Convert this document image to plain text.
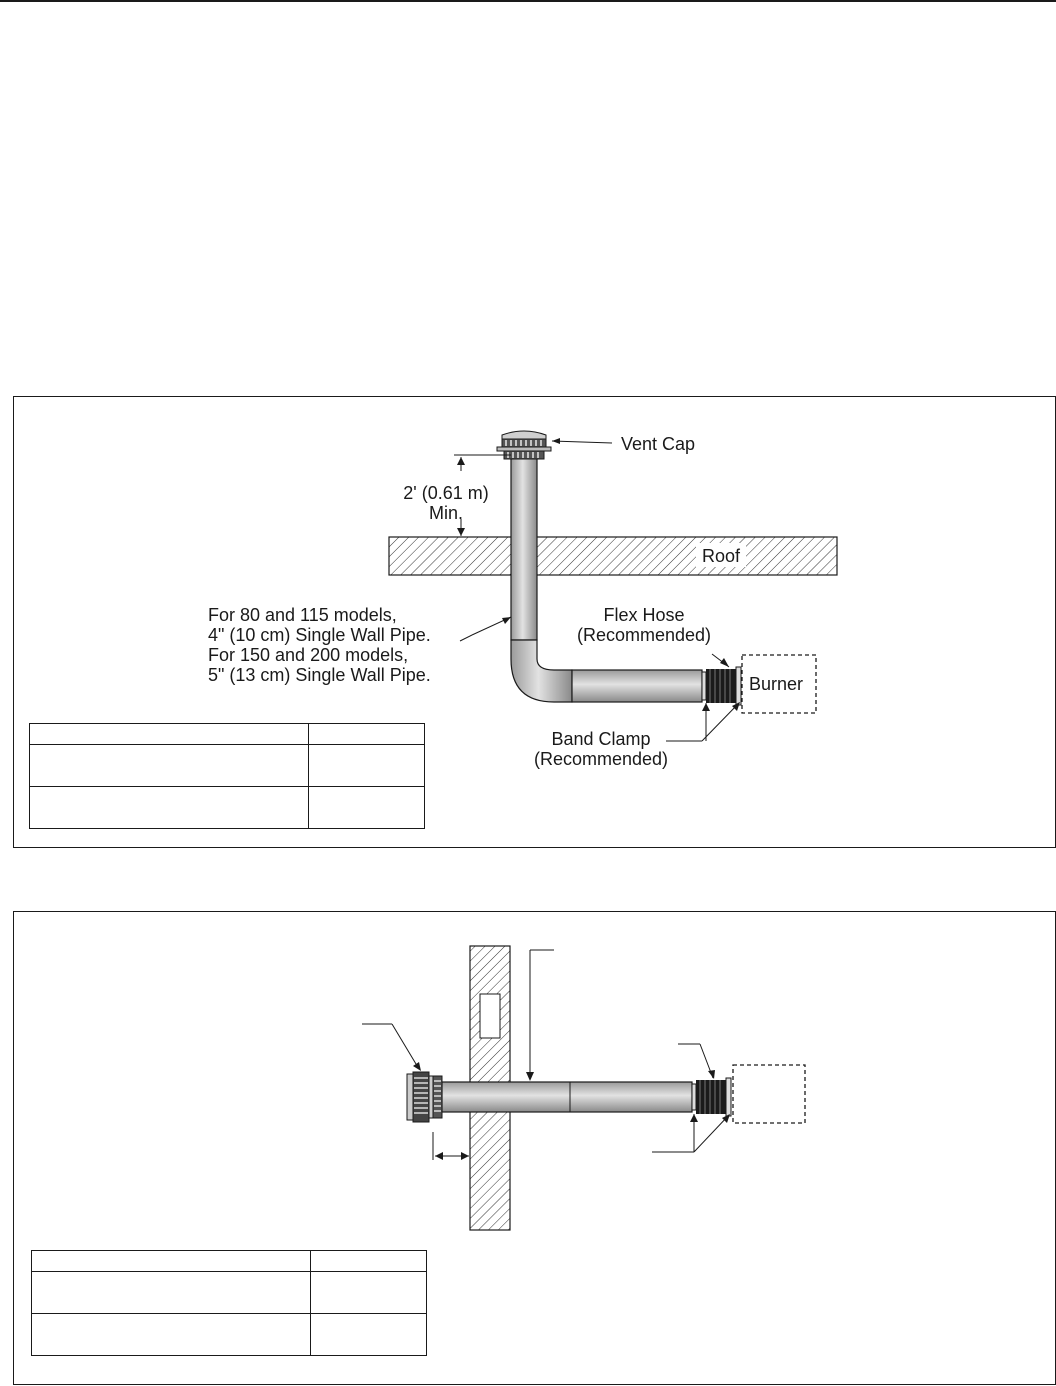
Vent Cap
2' (0.61 m)
Min.
Roof
For 80 and 115 models,
4" (10 cm) Single Wall Pipe.
For 150 and 200 models,
5" (13 cm) Single Wall Pipe.
Flex Hose
(Recommended)
Burner
Band Clamp
(Recommended)
